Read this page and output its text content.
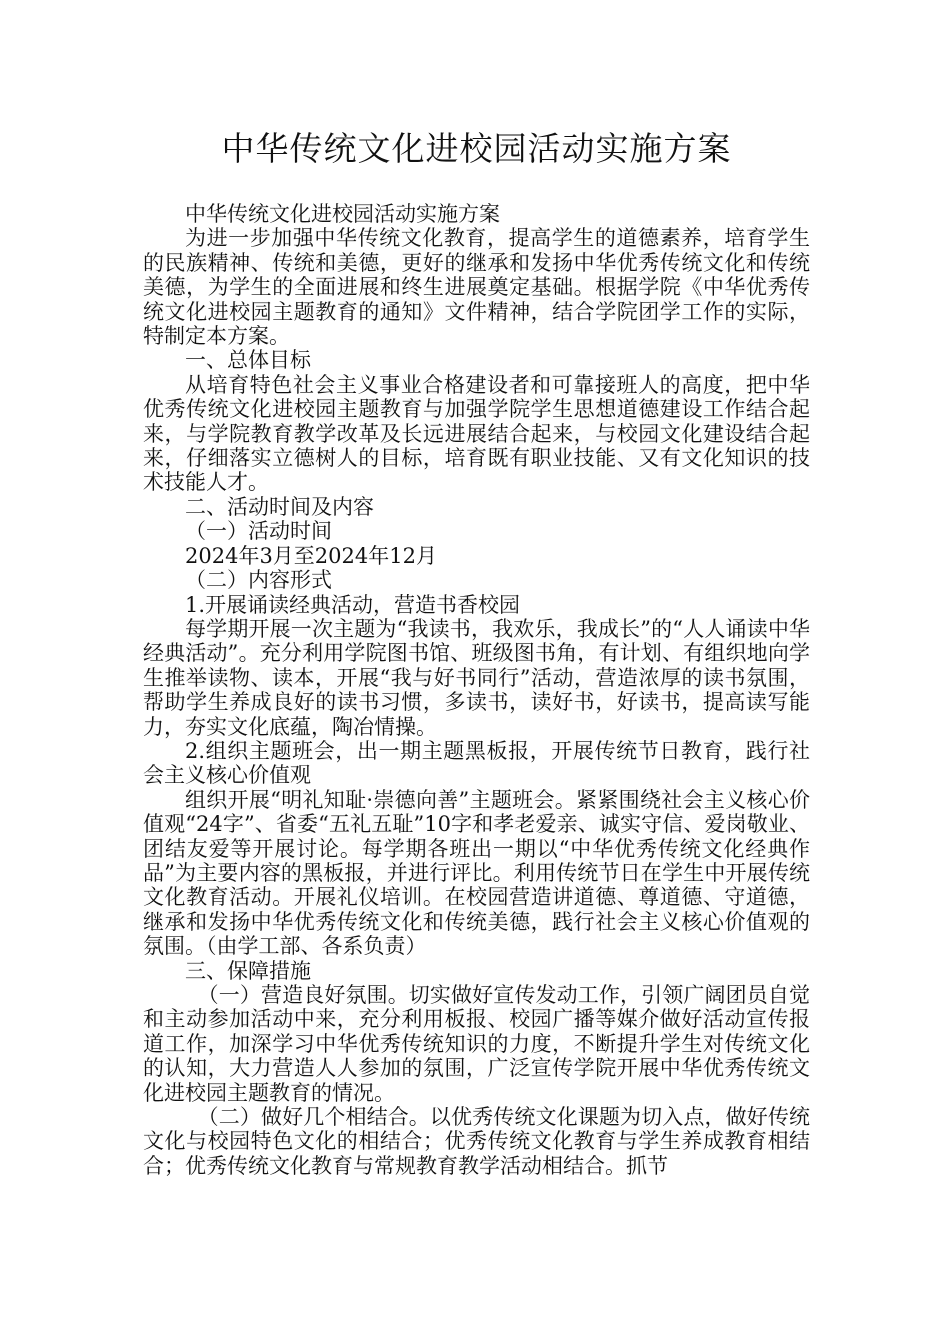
中华传统文化进校园活动实施方案

中华传统文化进校园活动实施方案

为进一步加强中华传统文化教育，提高学生的道德素养，培育学生的民族精神、传统和美德，更好的继承和发扬中华优秀传统文化和传统美德，为学生的全面进展和终生进展奠定基础。根据学院《中华优秀传统文化进校园主题教育的通知》文件精神，结合学院团学工作的实际，特制定本方案。

一、总体目标

从培育特色社会主义事业合格建设者和可靠接班人的高度，把中华优秀传统文化进校园主题教育与加强学院学生思想道德建设工作结合起来，与学院教育教学改革及长远进展结合起来，与校园文化建设结合起来，仔细落实立德树人的目标，培育既有职业技能、又有文化知识的技术技能人才。

二、活动时间及内容

（一）活动时间

2024年3月至2024年12月

（二）内容形式

1.开展诵读经典活动，营造书香校园

每学期开展一次主题为“我读书，我欢乐，我成长”的“人人诵读中华经典活动”。充分利用学院图书馆、班级图书角，有计划、有组织地向学生推举读物、读本，开展“我与好书同行”活动，营造浓厚的读书氛围，帮助学生养成良好的读书习惯，多读书，读好书，好读书，提高读写能力，夯实文化底蕴，陶冶情操。

2.组织主题班会，出一期主题黑板报，开展传统节日教育，践行社会主义核心价值观

组织开展“明礼知耻·崇德向善”主题班会。紧紧围绕社会主义核心价值观“24字”、省委“五礼五耻”10字和孝老爱亲、诚实守信、爱岗敬业、团结友爱等开展讨论。每学期各班出一期以“中华优秀传统文化经典作品”为主要内容的黑板报，并进行评比。利用传统节日在学生中开展传统文化教育活动。开展礼仪培训。在校园营造讲道德、尊道德、守道德，继承和发扬中华优秀传统文化和传统美德，践行社会主义核心价值观的氛围。（由学工部、各系负责）

三、保障措施

（一）营造良好氛围。切实做好宣传发动工作，引领广阔团员自觉和主动参加活动中来，充分利用板报、校园广播等媒介做好活动宣传报道工作，加深学习中华优秀传统知识的力度，不断提升学生对传统文化的认知，大力营造人人参加的氛围，广泛宣传学院开展中华优秀传统文化进校园主题教育的情况。

（二）做好几个相结合。以优秀传统文化课题为切入点，做好传统文化与校园特色文化的相结合；优秀传统文化教育与学生养成教育相结合；优秀传统文化教育与常规教育教学活动相结合。抓节
